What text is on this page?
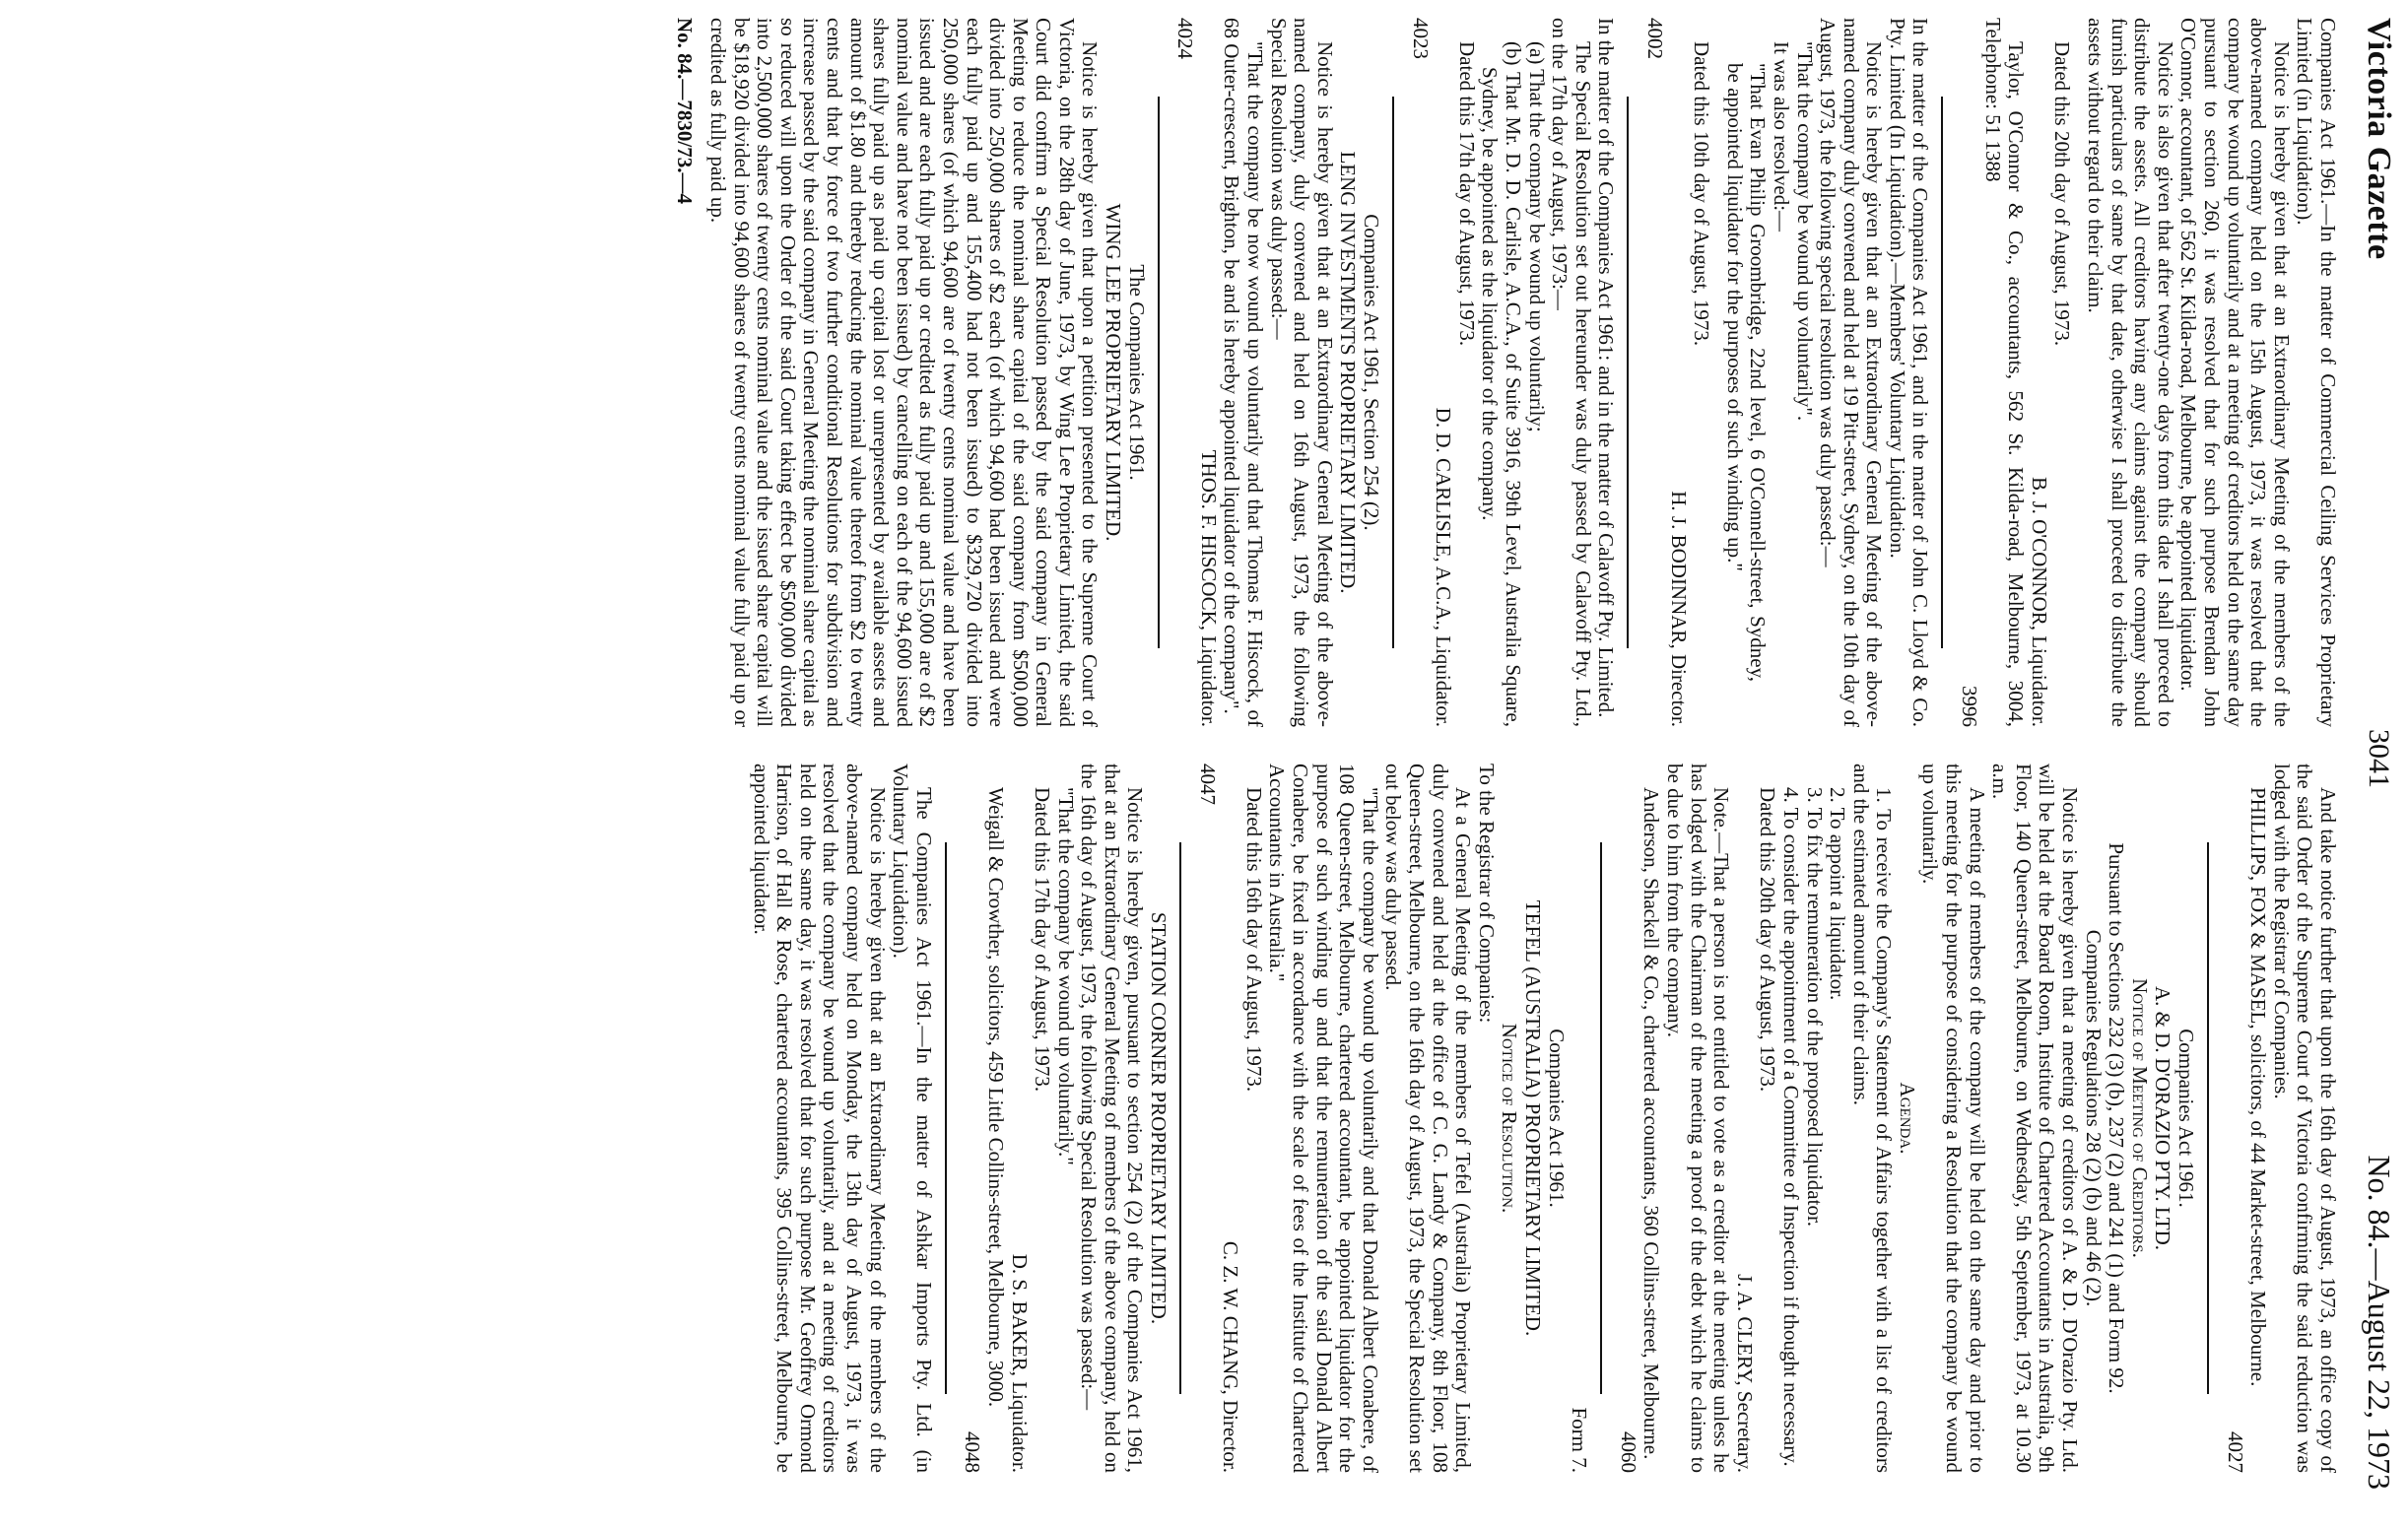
Victoria Gazette
3041
No. 84.—August 22, 1973

Companies Act 1961.—In the matter of Commercial Ceiling Services Proprietary Limited (in Liquidation).

Notice is hereby given that at an Extraordinary Meeting of the members of the above-named company held on the 15th August, 1973, it was resolved that the company be wound up voluntarily and at a meeting of creditors held on the same day pursuant to section 260, it was resolved that for such purpose Brendan John O'Connor, accountant, of 562 St. Kilda-road, Melbourne, be appointed liquidator.

Notice is also given that after twenty-one days from this date I shall proceed to distribute the assets. All creditors having any claims against the company should furnish particulars of same by that date, otherwise I shall proceed to distribute the assets without regard to their claim.

Dated this 20th day of August, 1973.

B. J. O'CONNOR, Liquidator.

Taylor, O'Connor & Co., accountants, 562 St. Kilda-road, Melbourne, 3004, Telephone: 51 1388

3996

In the matter of the Companies Act 1961, and in the matter of John C. Lloyd & Co. Pty. Limited (In Liquidation).—Members' Voluntary Liquidation.

Notice is hereby given that at an Extraordinary General Meeting of the above-named company duly convened and held at 19 Pitt-street, Sydney, on the 10th day of August, 1973, the following special resolution was duly passed:—

"That the company be wound up voluntarily".

It was also resolved:—

"That Evan Philip Groombridge, 22nd level, 6 O'Connell-street, Sydney, be appointed liquidator for the purposes of such winding up."

Dated this 10th day of August, 1973.

H. J. BODINNAR, Director.

4002

In the matter of the Companies Act 1961: and in the matter of Calavoff Pty. Limited.

The Special Resolution set out hereunder was duly passed by Calavoff Pty. Ltd., on the 17th day of August, 1973:—

(a) That the company be wound up voluntarily;

(b) That Mr. D. D. Carlisle, A.C.A., of Suite 3916, 39th Level, Australia Square, Sydney, be appointed as the liquidator of the company.

Dated this 17th day of August, 1973.

D. D. CARLISLE, A.C.A., Liquidator.

4023

Companies Act 1961, Section 254 (2).

LENG INVESTMENTS PROPRIETARY LIMITED.

Notice is hereby given that at an Extraordinary General Meeting of the above-named company, duly convened and held on 16th August, 1973, the following Special Resolution was duly passed:—

"That the company be now wound up voluntarily and that Thomas F. Hiscock, of 68 Outer-crescent, Brighton, be and is hereby appointed liquidator of the company".

THOS. F. HISCOCK, Liquidator.

4024

The Companies Act 1961.

WING LEE PROPRIETARY LIMITED.

Notice is hereby given that upon a petition presented to the Supreme Court of Victoria, on the 28th day of June, 1973, by Wing Lee Proprietary Limited, the said Court did confirm a Special Resolution passed by the said company in General Meeting to reduce the nominal share capital of the said company from $500,000 divided into 250,000 shares of $2 each (of which 94,600 had been issued and were each fully paid up and 155,400 had not been issued) to $329,720 divided into 250,000 shares (of which 94,600 are of twenty cents nominal value and have been issued and are each fully paid up or credited as fully paid up and 155,000 are of $2 nominal value and have not been issued) by cancelling on each of the 94,600 issued shares fully paid up as paid up capital lost or unrepresented by available assets and amount of $1.80 and thereby reducing the nominal value thereof from $2 to twenty cents and that by force of two further conditional Resolutions for subdivision and increase passed by the said company in General Meeting the nominal share capital as so reduced will upon the Order of the said Court taking effect be $500,000 divided into 2,500,000 shares of twenty cents nominal value and the issued share capital will be $18,920 divided into 94,600 shares of twenty cents nominal value fully paid up or credited as fully paid up.

No. 84.—7830/73.—4

And take notice further that upon the 16th day of August, 1973, an office copy of the said Order of the Supreme Court of Victoria confirming the said reduction was lodged with the Registrar of Companies.

PHILLIPS, FOX & MASEL, solicitors, of 44 Market-street, Melbourne.

4027

Companies Act 1961.

A. & D. D'ORAZIO PTY. LTD.

Notice of Meeting of Creditors.

Pursuant to Sections 232 (3) (b), 237 (2) and 241 (1) and Form 92.

Companies Regulations 28 (2) (b) and 46 (2).

Notice is hereby given that a meeting of creditors of A. & D. D'Orazio Pty. Ltd. will be held at the Board Room, Institute of Chartered Accountants in Australia, 9th Floor, 140 Queen-street, Melbourne, on Wednesday, 5th September, 1973, at 10.30 a.m.

A meeting of members of the company will be held on the same day and prior to this meeting for the purpose of considering a Resolution that the company be wound up voluntarily.

Agenda.

1. To receive the Company's Statement of Affairs together with a list of creditors and the estimated amount of their claims.

2. To appoint a liquidator.

3. To fix the remuneration of the proposed liquidator.

4. To consider the appointment of a Committee of Inspection if thought necessary.

Dated this 20th day of August, 1973.

J. A. CLERY, Secretary.

Note.—That a person is not entitled to vote as a creditor at the meeting unless he has lodged with the Chairman of the meeting a proof of the debt which he claims to be due to him from the company.

Anderson, Shackell & Co., chartered accountants, 360 Collins-street, Melbourne.

4060

Form 7.

Companies Act 1961.

TEFEL (AUSTRALIA) PROPRIETARY LIMITED.

Notice of Resolution.

To the Registrar of Companies:

At a General Meeting of the members of Tefel (Australia) Proprietary Limited, duly convened and held at the office of C. G. Landy & Company, 8th Floor, 108 Queen-street, Melbourne, on the 16th day of August, 1973, the Special Resolution set out below was duly passed.

"That the company be wound up voluntarily and that Donald Albert Conabere, of 108 Queen-street, Melbourne, chartered accountant, be appointed liquidator for the purpose of such winding up and that the remuneration of the said Donald Albert Conabere, be fixed in accordance with the scale of fees of the Institute of Chartered Accountants in Australia."

Dated this 16th day of August, 1973.

C. Z. W. CHANG, Director.

4047

STATION CORNER PROPRIETARY LIMITED.

Notice is hereby given, pursuant to section 254 (2) of the Companies Act 1961, that at an Extraordinary General Meeting of members of the above company, held on the 16th day of August, 1973, the following Special Resolution was passed:—

"That the company be wound up voluntarily."

Dated this 17th day of August, 1973.

D. S. BAKER, Liquidator.

Weigall & Crowther, solicitors, 459 Little Collins-street, Melbourne, 3000.

4048

The Companies Act 1961.—In the matter of Ashkar Imports Pty. Ltd. (in Voluntary Liquidation).

Notice is hereby given that at an Extraordinary Meeting of the members of the above-named company held on Monday, the 13th day of August, 1973, it was resolved that the company be wound up voluntarily, and at a meeting of creditors held on the same day, it was resolved that for such purpose Mr. Geoffrey Ormond Harrison, of Hall & Rose, chartered accountants, 395 Collins-street, Melbourne, be appointed liquidator.
